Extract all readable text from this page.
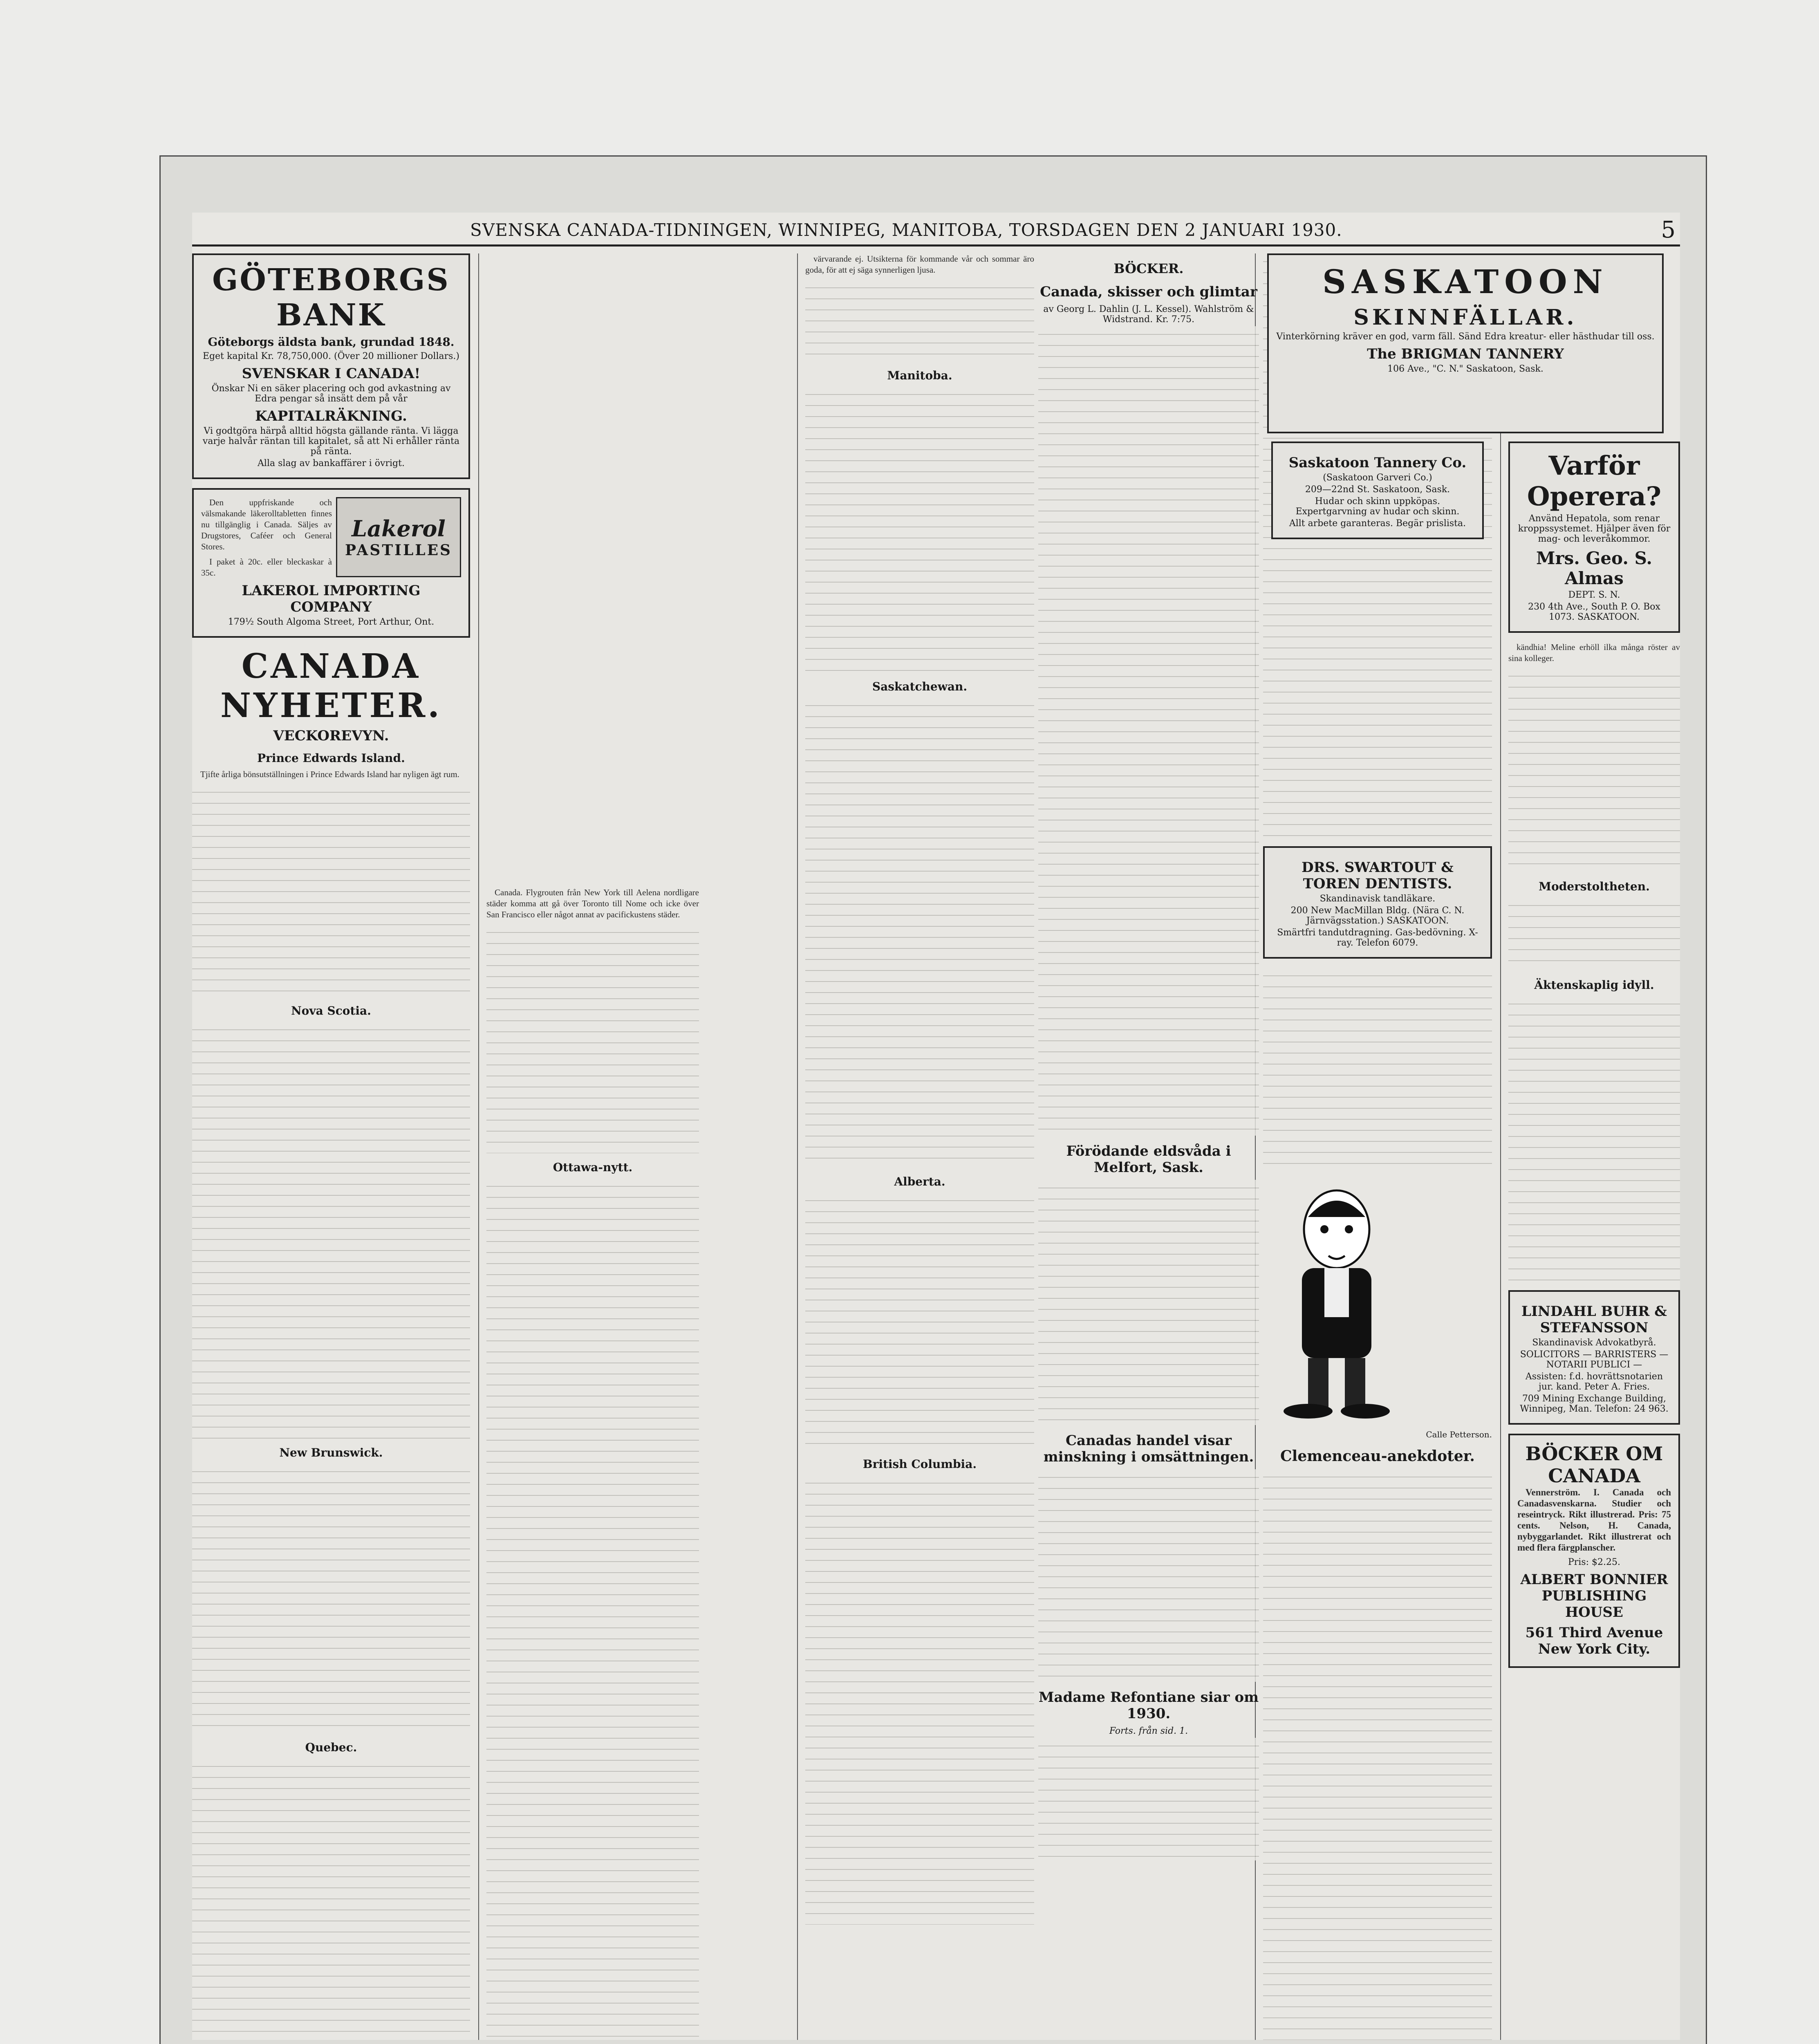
SVENSKA CANADA-TIDNINGEN, WINNIPEG, MANITOBA, TORSDAGEN DEN 2 JANUARI 1930.	5
GÖTEBORGS BANK
Göteborgs äldsta bank, grundad 1848.
Eget kapital Kr. 78,750,000. (Över 20 millioner Dollars.)
SVENSKAR I CANADA!
Önskar Ni en säker placering och god avkastning av Edra pengar så insätt dem på vår
KAPITALRÄKNING.
Vi godtgöra härpå alltid högsta gällande ränta. Vi lägga varje halvår räntan till kapitalet, så att Ni erhåller ränta på ränta.
Alla slag av bankaffärer i övrigt.
Lakerol
PASTILLES

Den uppfriskande och välsmakande läkerolltabletten finnes nu tillgänglig i Canada. Säljes av Drugstores, Caféer och General Stores.

I paket à 20c. eller bleckaskar à 35c.

LAKEROL IMPORTING COMPANY
179½ South Algoma Street, Port Arthur, Ont.
CANADA NYHETER.
VECKOREVYN.
Prince Edwards Island.

Tjifte årliga bönsutställningen i Prince Edwards Island har nyligen ägt rum.

Nova Scotia.
New Brunswick.
Quebec.

Canada. Flygrouten från New York till Aelena nordligare städer komma att gå över Toronto till Nome och icke över San Francisco eller något annat av pacifickustens städer.

Ottawa-nytt.

värvarande ej. Utsikterna för kommande vår och sommar äro goda, för att ej säga synnerligen ljusa.

Manitoba.
Saskatchewan.
Alberta.
British Columbia.
BÖCKER.
Canada, skisser och glimtar
av Georg L. Dahlin (J. L. Kessel). Wahlström & Widstrand. Kr. 7:75.
Förödande eldsvåda i Melfort, Sask.
Canadas handel visar minskning i omsättningen.
Madame Refontiane siar om 1930.
Forts. från sid. 1.
DRS. SWARTOUT & TOREN DENTISTS.
Skandinavisk tandläkare.
200 New MacMillan Bldg. (Nära C. N. Järnvägsstation.) SASKATOON.
Smärtfri tandutdragning. Gas-bedövning. X-ray. Telefon 6079.
Calle Petterson.
Clemenceau-anekdoter.
SASKATOON
SKINNFÄLLAR.
Vinterkörning kräver en god, varm fäll. Sänd Edra kreatur- eller hästhudar till oss.
The BRIGMAN TANNERY
106 Ave., "C. N." Saskatoon, Sask.
Saskatoon Tannery Co.
(Saskatoon Garveri Co.)
209—22nd St. Saskatoon, Sask.
Hudar och skinn uppköpas. Expertgarvning av hudar och skinn.
Allt arbete garanteras. Begär prislista.
Varför Operera?
Använd Hepatola, som renar kroppssystemet. Hjälper även för mag- och leveråkommor.
Mrs. Geo. S. Almas
DEPT. S. N.
230 4th Ave., South P. O. Box 1073. SASKATOON.

kändhia! Meline erhöll ilka många röster av sina kolleger.

Moderstoltheten.
Äktenskaplig idyll.
LINDAHL BUHR & STEFANSSON
Skandinavisk Advokatbyrå.
SOLICITORS — BARRISTERS — NOTARII PUBLICI —
Assisten: f.d. hovrättsnotarien jur. kand. Peter A. Fries.
709 Mining Exchange Building, Winnipeg, Man. Telefon: 24 963.
BÖCKER OM CANADA

Vennerström. I. Canada och Canadasvenskarna. Studier och reseintryck. Rikt illustrerad. Pris: 75 cents. Nelson, H. Canada, nybyggarlandet. Rikt illustrerat och med flera färgplanscher.

Pris: $2.25.
ALBERT BONNIER PUBLISHING HOUSE
561 Third Avenue New York City.
